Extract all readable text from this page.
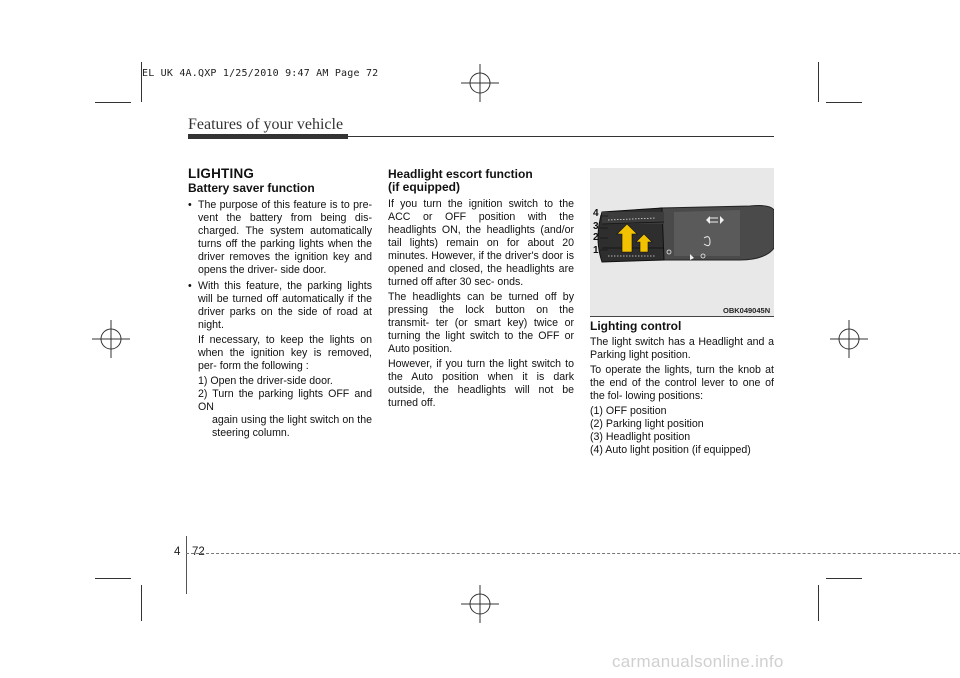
EL UK 4A.QXP 1/25/2010 9:47 AM Page 72
Features of your vehicle
LIGHTING
Battery saver function
• The purpose of this feature is to pre- vent the battery from being dis- charged. The system automatically turns off the parking lights when the driver removes the ignition key and opens the driver- side door.
• With this feature, the parking lights will be turned off automatically if the driver parks on the side of road at night.
If necessary, to keep the lights on when the ignition key is removed, per- form the following :
1) Open the driver-side door.
2) Turn the parking lights OFF and ON
again using the light switch on the steering column.
Headlight escort function
(if equipped)

If you turn the ignition switch to the ACC or OFF position with the headlights ON, the headlights (and/or tail lights) remain on for about 20 minutes. However, if the driver's door is opened and closed, the headlights are turned off after 30 sec- onds.

The headlights can be turned off by pressing the lock button on the transmit- ter (or smart key) twice or turning the light switch to the OFF or Auto position.

However, if you turn the light switch to the Auto position when it is dark outside, the headlights will not be turned off.

4
3
2
1
OBK049045N
Lighting control

The light switch has a Headlight and a Parking light position.

To operate the lights, turn the knob at the end of the control lever to one of the fol- lowing positions:

(1) OFF position
(2) Parking light position
(3) Headlight position
(4) Auto light position (if equipped)
4 72
carmanualsonline.info
